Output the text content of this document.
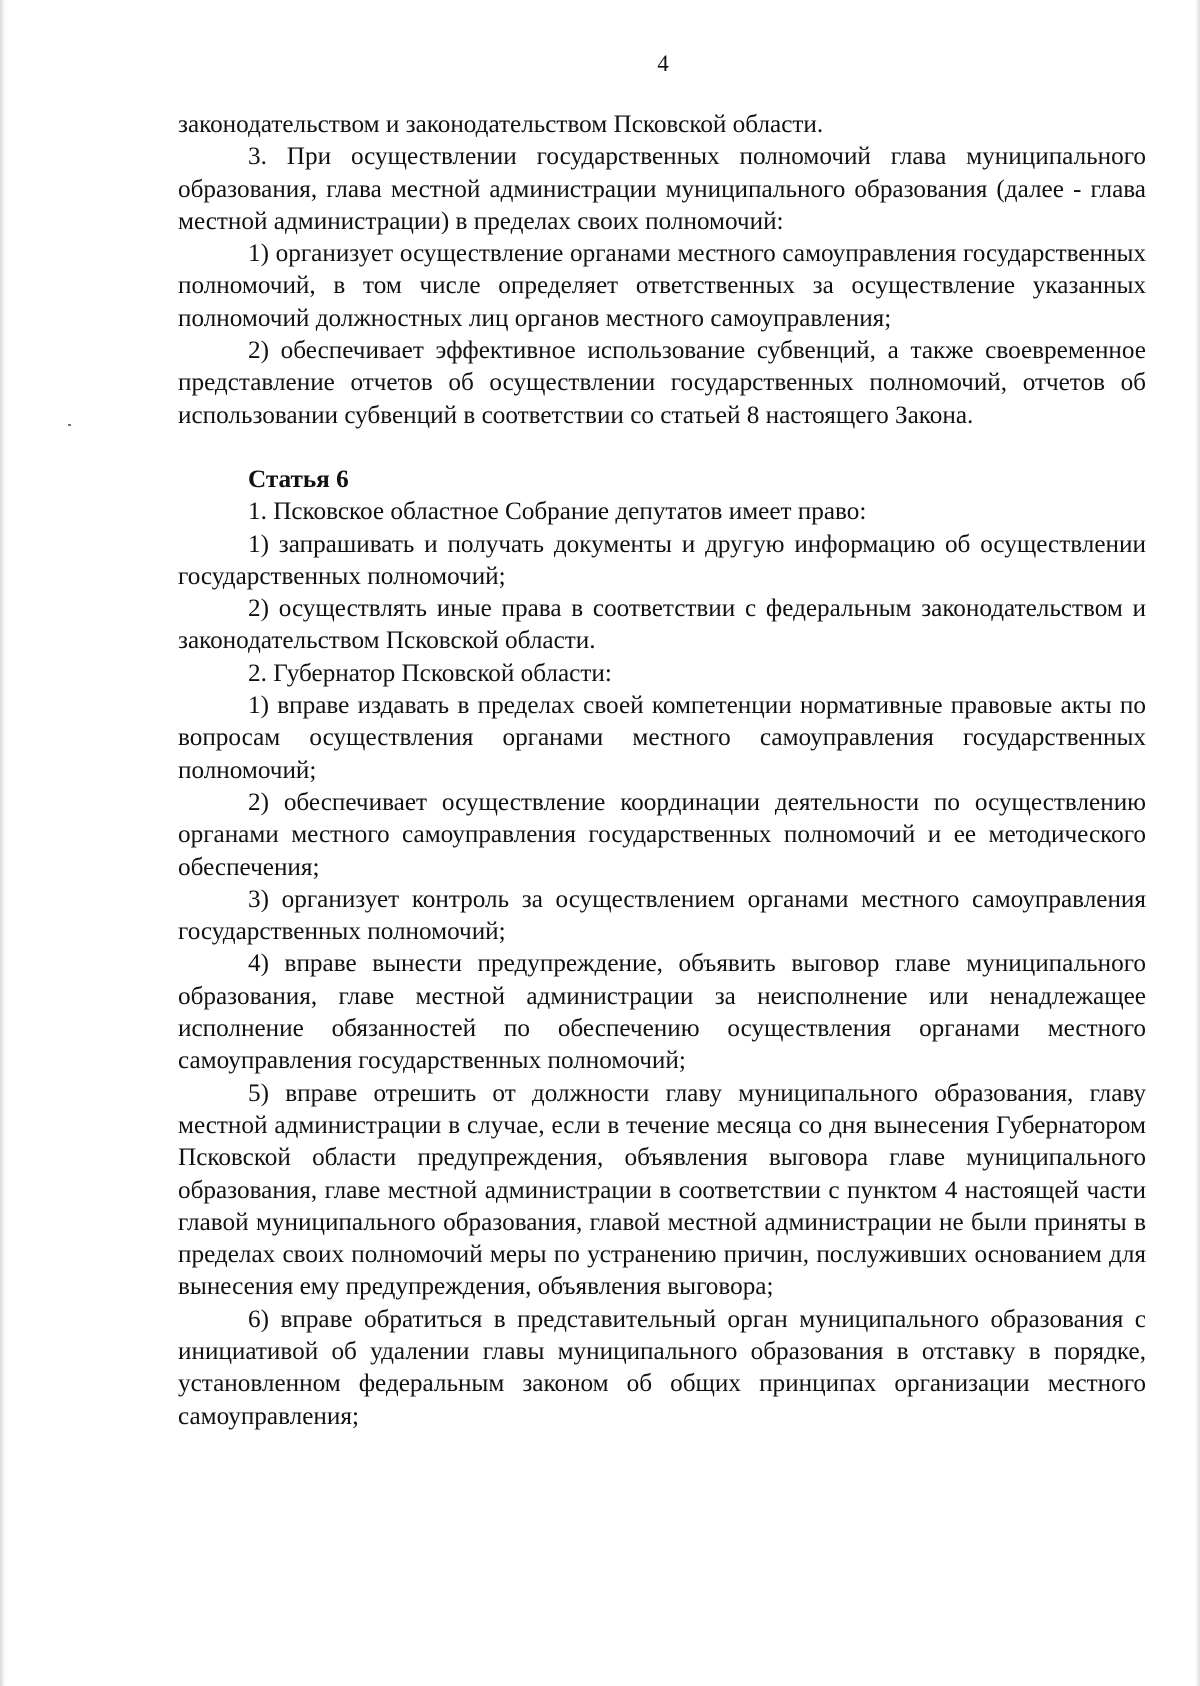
4

законодательством и законодательством Псковской области.

3. При осуществлении государственных полномочий глава муниципального образования, глава местной администрации муниципального образования (далее - глава местной администрации) в пределах своих полномочий:

1) организует осуществление органами местного самоуправления государственных полномочий, в том числе определяет ответственных за осуществление указанных полномочий должностных лиц органов местного самоуправления;

2) обеспечивает эффективное использование субвенций, а также своевременное представление отчетов об осуществлении государственных полномочий, отчетов об использовании субвенций в соответствии со статьей 8 настоящего Закона.

Статья 6

1. Псковское областное Собрание депутатов имеет право:

1) запрашивать и получать документы и другую информацию об осуществлении государственных полномочий;

2) осуществлять иные права в соответствии с федеральным законодательством и законодательством Псковской области.

2. Губернатор Псковской области:

1) вправе издавать в пределах своей компетенции нормативные правовые акты по вопросам осуществления органами местного самоуправления государственных полномочий;

2) обеспечивает осуществление координации деятельности по осуществлению органами местного самоуправления государственных полномочий и ее методического обеспечения;

3) организует контроль за осуществлением органами местного самоуправления государственных полномочий;

4) вправе вынести предупреждение, объявить выговор главе муниципального образования, главе местной администрации за неисполнение или ненадлежащее исполнение обязанностей по обеспечению осуществления органами местного самоуправления государственных полномочий;

5) вправе отрешить от должности главу муниципального образования, главу местной администрации в случае, если в течение месяца со дня вынесения Губернатором Псковской области предупреждения, объявления выговора главе муниципального образования, главе местной администрации в соответствии с пунктом 4 настоящей части главой муниципального образования, главой местной администрации не были приняты в пределах своих полномочий меры по устранению причин, послуживших основанием для вынесения ему предупреждения, объявления выговора;

6) вправе обратиться в представительный орган муниципального образования с инициативой об удалении главы муниципального образования в отставку в порядке, установленном федеральным законом об общих принципах организации местного самоуправления;
